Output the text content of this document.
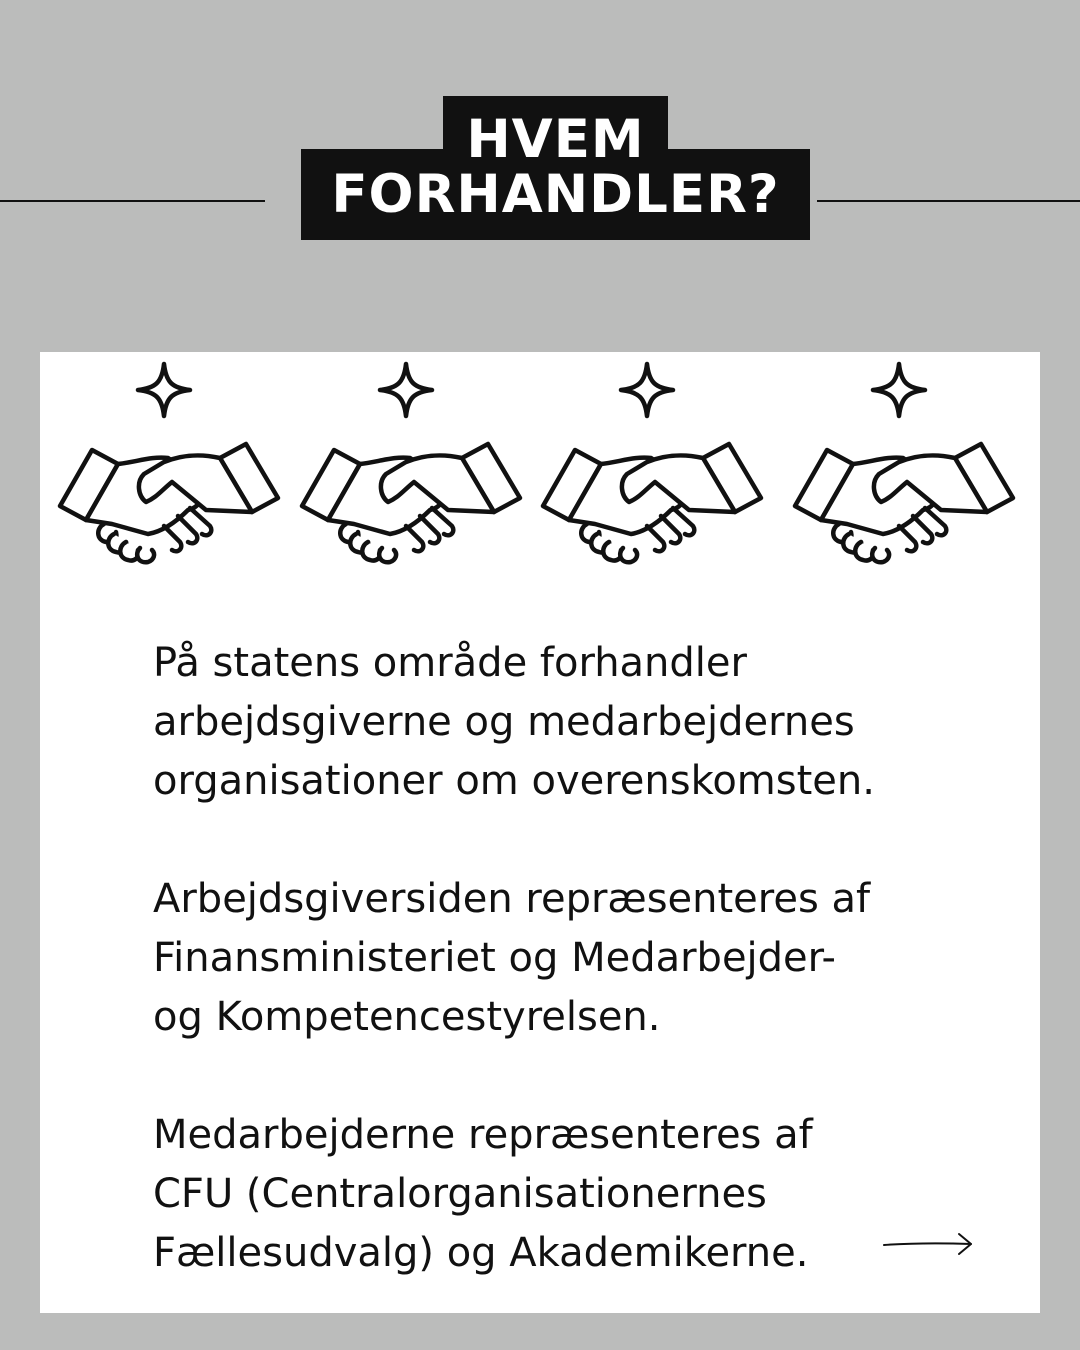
HVEM
FORHANDLER?

På statens område forhandler
arbejdsgiverne og medarbejdernes
organisationer om overenskomsten.

Arbejdsgiversiden repræsenteres af
Finansministeriet og Medarbejder-
og Kompetencestyrelsen.

Medarbejderne repræsenteres af
CFU (Centralorganisationernes
Fællesudvalg) og Akademikerne.
